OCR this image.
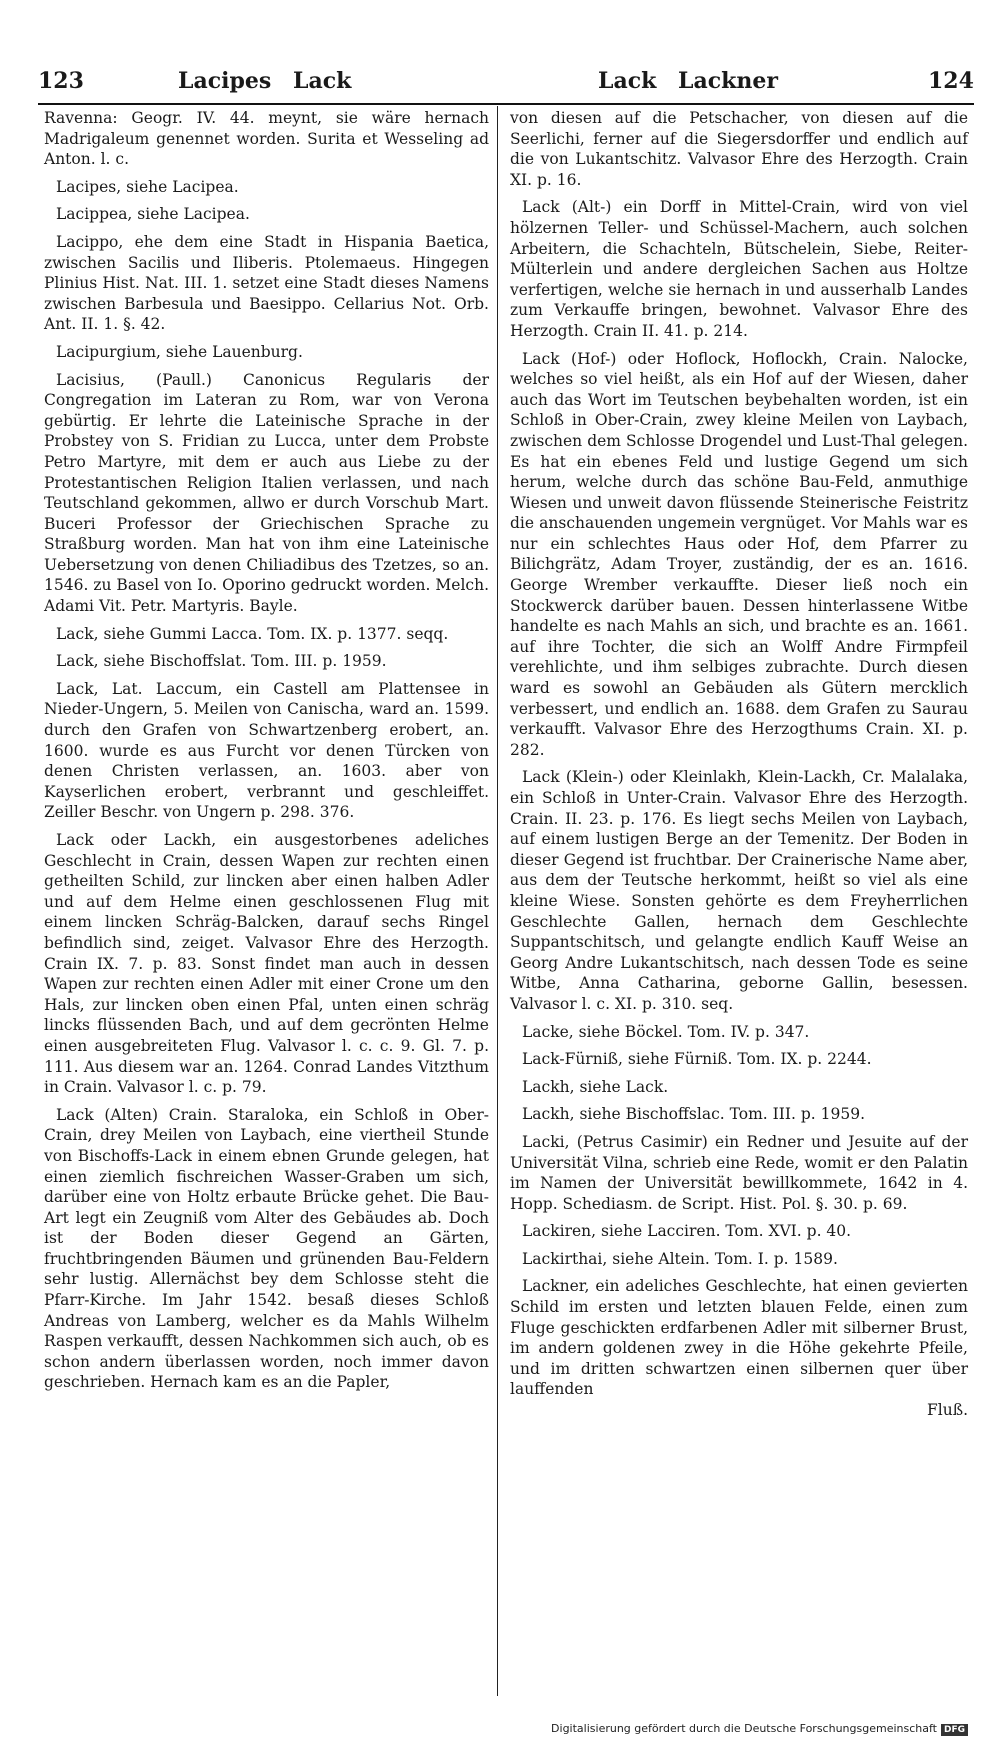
123	Lacipes Lack	Lack Lackner	124

Ravenna: Geogr. IV. 44. meynt, sie wäre hernach Madrigaleum genennet worden. Surita et Wesseling ad Anton. l. c.

Lacipes, siehe Lacipea.

Lacippea, siehe Lacipea.

Lacippo, ehe dem eine Stadt in Hispania Baetica, zwischen Sacilis und Iliberis. Ptolemaeus. Hingegen Plinius Hist. Nat. III. 1. setzet eine Stadt dieses Namens zwischen Barbesula und Baesippo. Cellarius Not. Orb. Ant. II. 1. §. 42.

Lacipurgium, siehe Lauenburg.

Lacisius, (Paull.) Canonicus Regularis der Congregation im Lateran zu Rom, war von Verona gebürtig. Er lehrte die Lateinische Sprache in der Probstey von S. Fridian zu Lucca, unter dem Probste Petro Martyre, mit dem er auch aus Liebe zu der Protestantischen Religion Italien verlassen, und nach Teutschland gekommen, allwo er durch Vorschub Mart. Buceri Professor der Griechischen Sprache zu Straßburg worden. Man hat von ihm eine Lateinische Uebersetzung von denen Chiliadibus des Tzetzes, so an. 1546. zu Basel von Io. Oporino gedruckt worden. Melch. Adami Vit. Petr. Martyris. Bayle.

Lack, siehe Gummi Lacca. Tom. IX. p. 1377. seqq.

Lack, siehe Bischoffslat. Tom. III. p. 1959.

Lack, Lat. Laccum, ein Castell am Plattensee in Nieder-Ungern, 5. Meilen von Canischa, ward an. 1599. durch den Grafen von Schwartzenberg erobert, an. 1600. wurde es aus Furcht vor denen Türcken von denen Christen verlassen, an. 1603. aber von Kayserlichen erobert, verbrannt und geschleiffet. Zeiller Beschr. von Ungern p. 298. 376.

Lack oder Lackh, ein ausgestorbenes adeliches Geschlecht in Crain, dessen Wapen zur rechten einen getheilten Schild, zur lincken aber einen halben Adler und auf dem Helme einen geschlossenen Flug mit einem lincken Schräg-Balcken, darauf sechs Ringel befindlich sind, zeiget. Valvasor Ehre des Herzogth. Crain IX. 7. p. 83. Sonst findet man auch in dessen Wapen zur rechten einen Adler mit einer Crone um den Hals, zur lincken oben einen Pfal, unten einen schräg lincks flüssenden Bach, und auf dem gecrönten Helme einen ausgebreiteten Flug. Valvasor l. c. c. 9. Gl. 7. p. 111. Aus diesem war an. 1264. Conrad Landes Vitzthum in Crain. Valvasor l. c. p. 79.

Lack (Alten) Crain. Staraloka, ein Schloß in Ober-Crain, drey Meilen von Laybach, eine viertheil Stunde von Bischoffs-Lack in einem ebnen Grunde gelegen, hat einen ziemlich fischreichen Wasser-Graben um sich, darüber eine von Holtz erbaute Brücke gehet. Die Bau-Art legt ein Zeugniß vom Alter des Gebäudes ab. Doch ist der Boden dieser Gegend an Gärten, fruchtbringenden Bäumen und grünenden Bau-Feldern sehr lustig. Allernächst bey dem Schlosse steht die Pfarr-Kirche. Im Jahr 1542. besaß dieses Schloß Andreas von Lamberg, welcher es da Mahls Wilhelm Raspen verkaufft, dessen Nachkommen sich auch, ob es schon andern überlassen worden, noch immer davon geschrieben. Hernach kam es an die Papler,

von diesen auf die Petschacher, von diesen auf die Seerlichi, ferner auf die Siegersdorffer und endlich auf die von Lukantschitz. Valvasor Ehre des Herzogth. Crain XI. p. 16.

Lack (Alt-) ein Dorff in Mittel-Crain, wird von viel hölzernen Teller- und Schüssel-Machern, auch solchen Arbeitern, die Schachteln, Bütschelein, Siebe, Reiter-Mülterlein und andere dergleichen Sachen aus Holtze verfertigen, welche sie hernach in und ausserhalb Landes zum Verkauffe bringen, bewohnet. Valvasor Ehre des Herzogth. Crain II. 41. p. 214.

Lack (Hof-) oder Hoflock, Hoflockh, Crain. Nalocke, welches so viel heißt, als ein Hof auf der Wiesen, daher auch das Wort im Teutschen beybehalten worden, ist ein Schloß in Ober-Crain, zwey kleine Meilen von Laybach, zwischen dem Schlosse Drogendel und Lust-Thal gelegen. Es hat ein ebenes Feld und lustige Gegend um sich herum, welche durch das schöne Bau-Feld, anmuthige Wiesen und unweit davon flüssende Steinerische Feistritz die anschauenden ungemein vergnüget. Vor Mahls war es nur ein schlechtes Haus oder Hof, dem Pfarrer zu Bilichgrätz, Adam Troyer, zuständig, der es an. 1616. George Wrember verkauffte. Dieser ließ noch ein Stockwerck darüber bauen. Dessen hinterlassene Witbe handelte es nach Mahls an sich, und brachte es an. 1661. auf ihre Tochter, die sich an Wolff Andre Firmpfeil verehlichte, und ihm selbiges zubrachte. Durch diesen ward es sowohl an Gebäuden als Gütern mercklich verbessert, und endlich an. 1688. dem Grafen zu Saurau verkaufft. Valvasor Ehre des Herzogthums Crain. XI. p. 282.

Lack (Klein-) oder Kleinlakh, Klein-Lackh, Cr. Malalaka, ein Schloß in Unter-Crain. Valvasor Ehre des Herzogth. Crain. II. 23. p. 176. Es liegt sechs Meilen von Laybach, auf einem lustigen Berge an der Temenitz. Der Boden in dieser Gegend ist fruchtbar. Der Crainerische Name aber, aus dem der Teutsche herkommt, heißt so viel als eine kleine Wiese. Sonsten gehörte es dem Freyherrlichen Geschlechte Gallen, hernach dem Geschlechte Suppantschitsch, und gelangte endlich Kauff Weise an Georg Andre Lukantschitsch, nach dessen Tode es seine Witbe, Anna Catharina, geborne Gallin, besessen. Valvasor l. c. XI. p. 310. seq.

Lacke, siehe Böckel. Tom. IV. p. 347.

Lack-Fürniß, siehe Fürniß. Tom. IX. p. 2244.

Lackh, siehe Lack.

Lackh, siehe Bischoffslac. Tom. III. p. 1959.

Lacki, (Petrus Casimir) ein Redner und Jesuite auf der Universität Vilna, schrieb eine Rede, womit er den Palatin im Namen der Universität bewillkommete, 1642 in 4. Hopp. Schediasm. de Script. Hist. Pol. §. 30. p. 69.

Lackiren, siehe Lacciren. Tom. XVI. p. 40.

Lackirthai, siehe Altein. Tom. I. p. 1589.

Lackner, ein adeliches Geschlechte, hat einen gevierten Schild im ersten und letzten blauen Felde, einen zum Fluge geschickten erdfarbenen Adler mit silberner Brust, im andern goldenen zwey in die Höhe gekehrte Pfeile, und im dritten schwartzen einen silbernen quer über lauffenden

Fluß.

Digitalisierung gefördert durch die Deutsche Forschungsgemeinschaft DFG
